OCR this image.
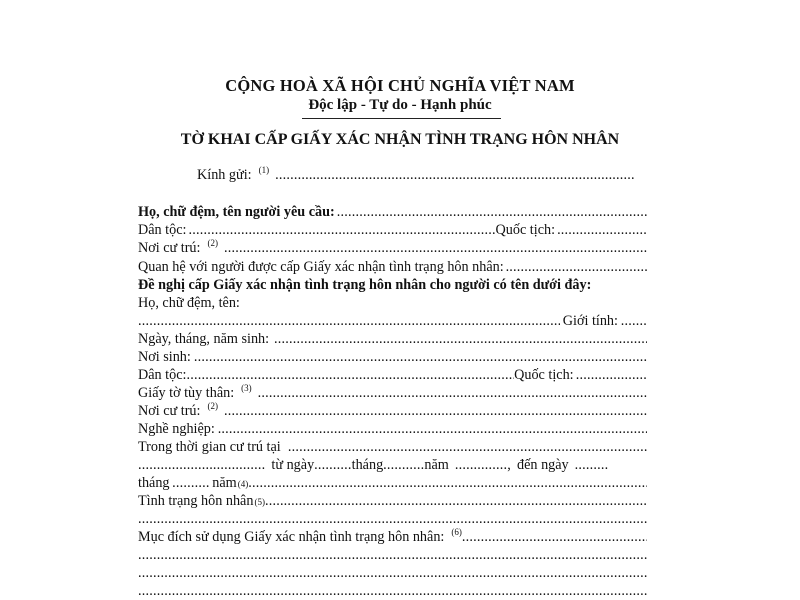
CỘNG HOÀ XÃ HỘI CHỦ NGHĨA VIỆT NAM
Độc lập - Tự do - Hạnh phúc
TỜ KHAI CẤP GIẤY XÁC NHẬN TÌNH TRẠNG HÔN NHÂN
Kính gửi: $^{(1)}$
.....
Họ, chữ đệm, tên người yêu cầu:
.....
Dân tộc: .....	Quốc tịch: ........................
Nơi cư trú: $^{(2)}$
.....
Quan hệ với người được cấp Giấy xác nhận tình trạng hôn nhân:
.....
Đề nghị cấp Giấy xác nhận tình trạng hôn nhân cho người có tên dưới đây:
Họ, chữ đệm, tên:
.....
Giới tính: .......
Ngày, tháng, năm sinh:
.....
Nơi sinh:
.....
Dân tộc: .....	Quốc tịch: ...................
Giấy tờ tùy thân: $^{(3)}$
.....
Nơi cư trú: $^{(2)}$
.....
Nghề nghiệp:
.....
Trong thời gian cư trú tại
.....
.................................. từ ngày .......... tháng ........... năm .............., đến ngày .........
tháng .......... năm (4)
.....
Tình trạng hôn nhân (5)
.....
.....
Mục đích sử dụng Giấy xác nhận tình trạng hôn nhân: $^{(6)}$
.....
.....
.....
.....
